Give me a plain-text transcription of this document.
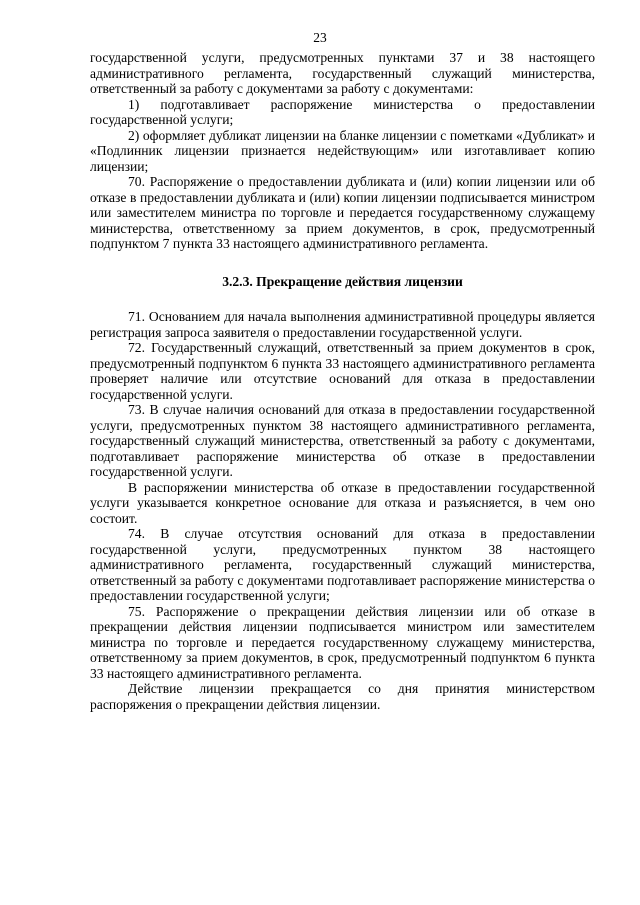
23

государственной услуги, предусмотренных пунктами 37 и 38 настоящего административного регламента, государственный служащий министерства, ответственный за работу с документами за работу с документами:

1) подготавливает распоряжение министерства о предоставлении государственной услуги;

2) оформляет дубликат лицензии на бланке лицензии с пометками «Дубликат» и «Подлинник лицензии признается недействующим» или изготавливает копию лицензии;

70. Распоряжение о предоставлении дубликата и (или) копии лицензии или об отказе в предоставлении дубликата и (или) копии лицензии подписывается министром или заместителем министра по торговле и передается государственному служащему министерства, ответственному за прием документов, в срок, предусмотренный подпунктом 7 пункта 33 настоящего административного регламента.

3.2.3. Прекращение действия лицензии

71. Основанием для начала выполнения административной процедуры является регистрация запроса заявителя о предоставлении государственной услуги.

72. Государственный служащий, ответственный за прием документов в срок, предусмотренный подпунктом 6 пункта 33 настоящего административного регламента проверяет наличие или отсутствие оснований для отказа в предоставлении государственной услуги.

73. В случае наличия оснований для отказа в предоставлении государственной услуги, предусмотренных пунктом 38 настоящего административного регламента, государственный служащий министерства, ответственный за работу с документами, подготавливает распоряжение министерства об отказе в предоставлении государственной услуги.

В распоряжении министерства об отказе в предоставлении государственной услуги указывается конкретное основание для отказа и разъясняется, в чем оно состоит.

74. В случае отсутствия оснований для отказа в предоставлении государственной услуги, предусмотренных пунктом 38 настоящего административного регламента, государственный служащий министерства, ответственный за работу с документами подготавливает распоряжение министерства о предоставлении государственной услуги;

75. Распоряжение о прекращении действия лицензии или об отказе в прекращении действия лицензии подписывается министром или заместителем министра по торговле и передается государственному служащему министерства, ответственному за прием документов, в срок, предусмотренный подпунктом 6 пункта 33 настоящего административного регламента.

Действие лицензии прекращается со дня принятия министерством распоряжения о прекращении действия лицензии.
